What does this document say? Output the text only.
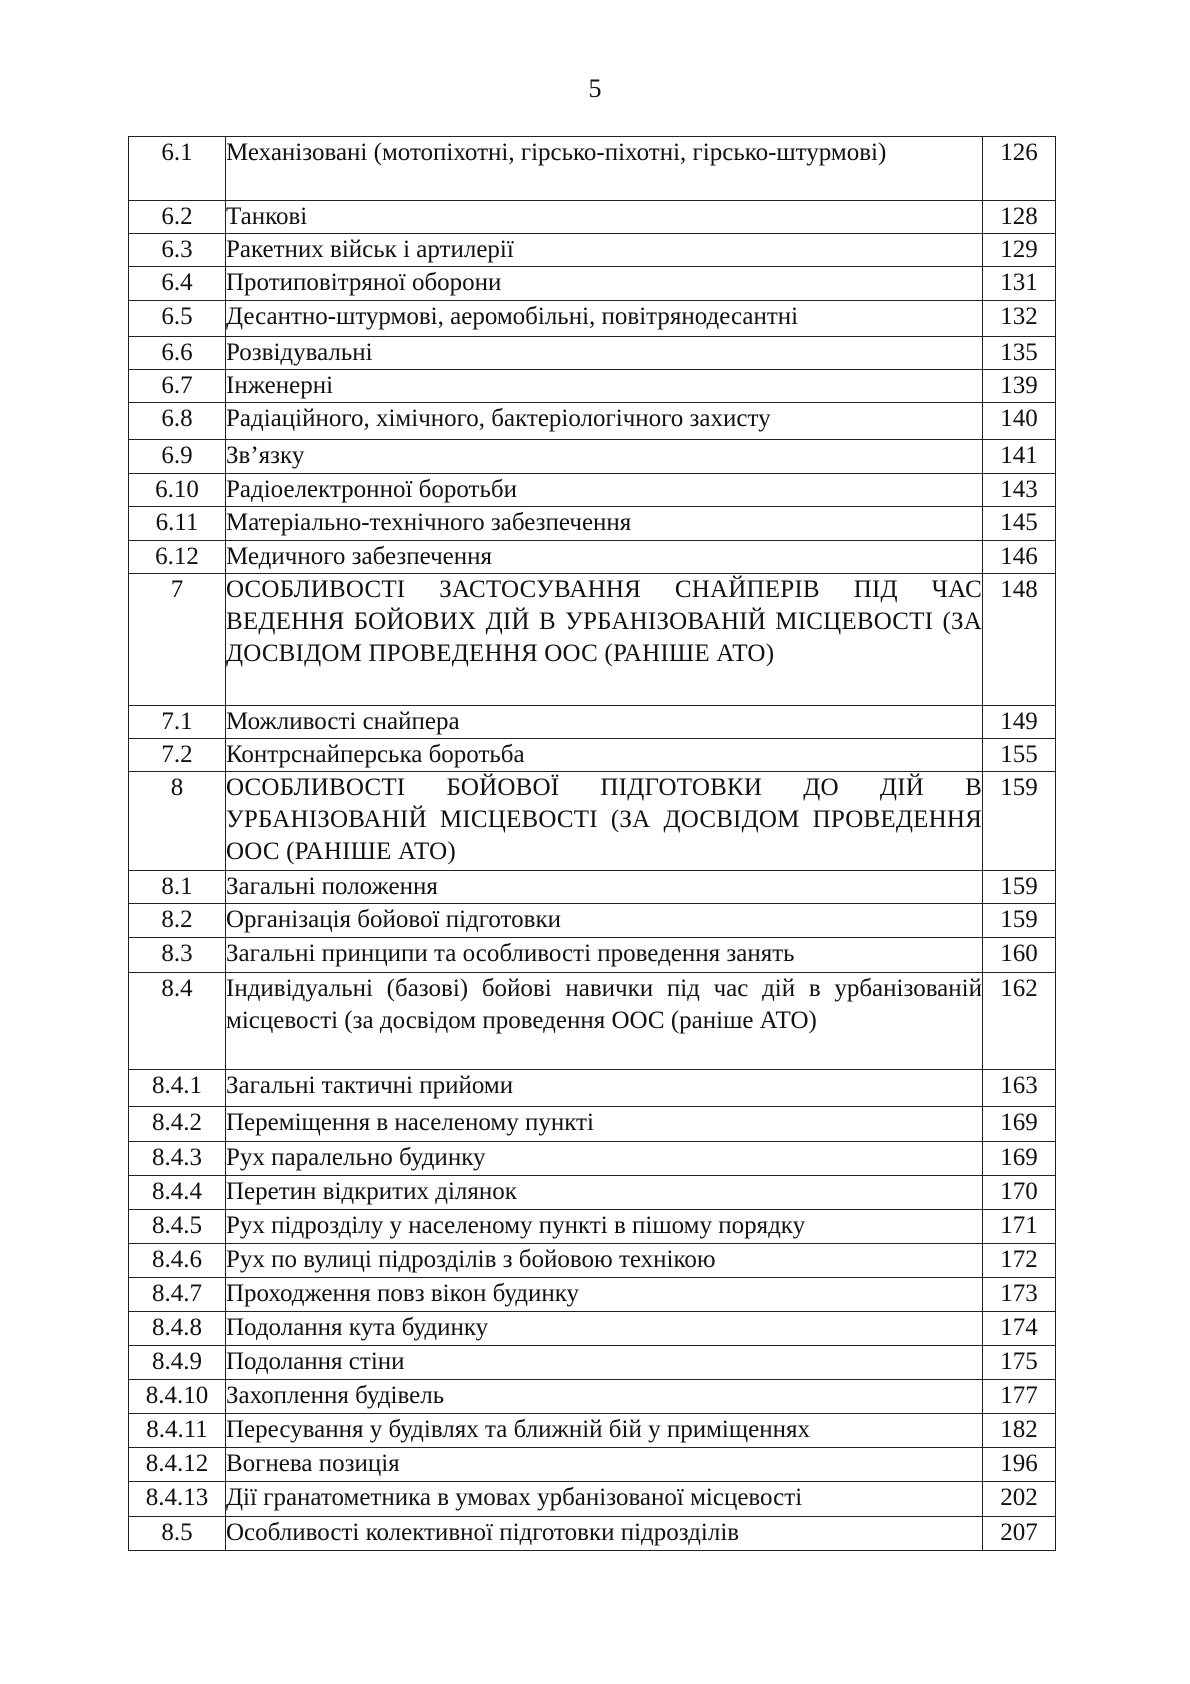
5
6.1	Механізовані (мотопіхотні, гірсько-піхотні, гірсько-штурмові)	126
6.2	Танкові	128
6.3	Ракетних військ і артилерії	129
6.4	Протиповітряної оборони	131
6.5	Десантно-штурмові, аеромобільні, повітрянодесантні	132
6.6	Розвідувальні	135
6.7	Інженерні	139
6.8	Радіаційного, хімічного, бактеріологічного захисту	140
6.9	Зв’язку	141
6.10	Радіоелектронної боротьби	143
6.11	Матеріально-технічного забезпечення	145
6.12	Медичного забезпечення	146
7	ОСОБЛИВОСТІ ЗАСТОСУВАННЯ СНАЙПЕРІВ ПІД ЧАС ВЕДЕННЯ БОЙОВИХ ДІЙ В УРБАНІЗОВАНІЙ МІСЦЕВОСТІ (ЗА ДОСВІДОМ ПРОВЕДЕННЯ ООС (РАНІШЕ АТО)	148
7.1	Можливості снайпера	149
7.2	Контрснайперська боротьба	155
8	ОСОБЛИВОСТІ БОЙОВОЇ ПІДГОТОВКИ ДО ДІЙ В УРБАНІЗОВАНІЙ МІСЦЕВОСТІ (ЗА ДОСВІДОМ ПРОВЕДЕННЯ ООС (РАНІШЕ АТО)	159
8.1	Загальні положення	159
8.2	Організація бойової підготовки	159
8.3	Загальні принципи та особливості проведення занять	160
8.4	Індивідуальні (базові) бойові навички під час дій в урбанізованій місцевості (за досвідом проведення ООС (раніше АТО)	162
8.4.1	Загальні тактичні прийоми	163
8.4.2	Переміщення в населеному пункті	169
8.4.3	Рух паралельно будинку	169
8.4.4	Перетин відкритих ділянок	170
8.4.5	Рух підрозділу у населеному пункті в пішому порядку	171
8.4.6	Рух по вулиці підрозділів з бойовою технікою	172
8.4.7	Проходження повз вікон будинку	173
8.4.8	Подолання кута будинку	174
8.4.9	Подолання стіни	175
8.4.10	Захоплення будівель	177
8.4.11	Пересування у будівлях та ближній бій у приміщеннях	182
8.4.12	Вогнева позиція	196
8.4.13	Дії гранатометника в умовах урбанізованої місцевості	202
8.5	Особливості колективної підготовки підрозділів	207
